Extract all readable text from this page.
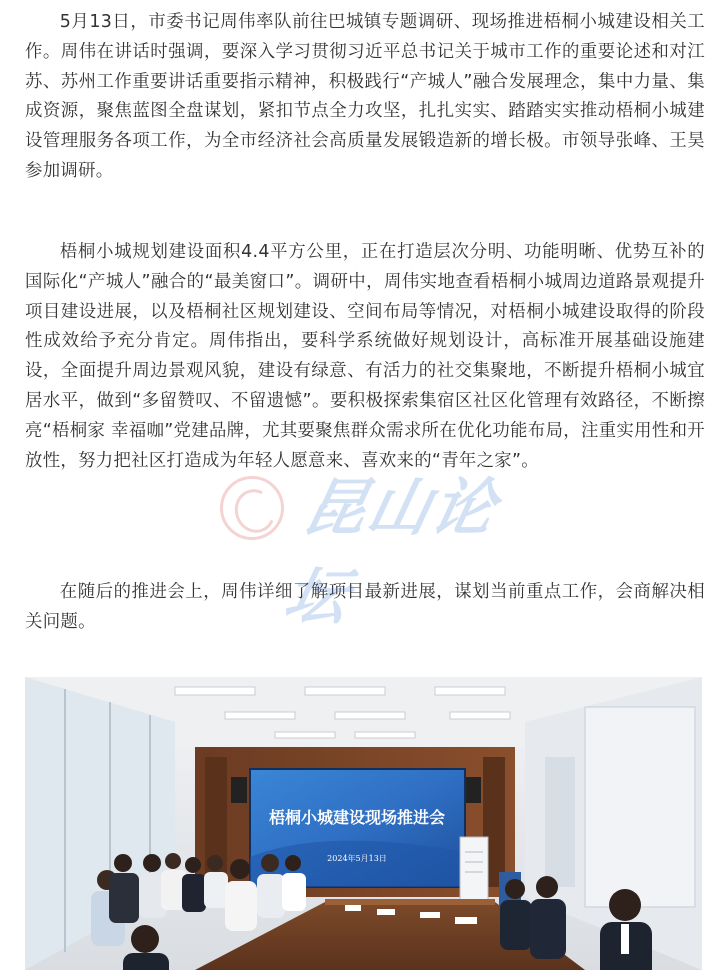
5月13日，市委书记周伟率队前往巴城镇专题调研、现场推进梧桐小城建设相关工作。周伟在讲话时强调，要深入学习贯彻习近平总书记关于城市工作的重要论述和对江苏、苏州工作重要讲话重要指示精神，积极践行“产城人”融合发展理念，集中力量、集成资源，聚焦蓝图全盘谋划，紧扣节点全力攻坚，扎扎实实、踏踏实实推动梧桐小城建设管理服务各项工作，为全市经济社会高质量发展锻造新的增长极。市领导张峰、王昊参加调研。

梧桐小城规划建设面积4.4平方公里，正在打造层次分明、功能明晰、优势互补的国际化“产城人”融合的“最美窗口”。调研中，周伟实地查看梧桐小城周边道路景观提升项目建设进展，以及梧桐社区规划建设、空间布局等情况，对梧桐小城建设取得的阶段性成效给予充分肯定。周伟指出，要科学系统做好规划设计，高标准开展基础设施建设，全面提升周边景观风貌，建设有绿意、有活力的社交集聚地，不断提升梧桐小城宜居水平，做到“多留赞叹、不留遗憾”。要积极探索集宿区社区化管理有效路径，不断擦亮“梧桐家 幸福咖”党建品牌，尤其要聚焦群众需求所在优化功能布局，注重实用性和开放性，努力把社区打造成为年轻人愿意来、喜欢来的“青年之家”。

在随后的推进会上，周伟详细了解项目最新进展，谋划当前重点工作，会商解决相关问题。

昆山论坛
梧桐小城建设现场推进会
2024年5月13日
